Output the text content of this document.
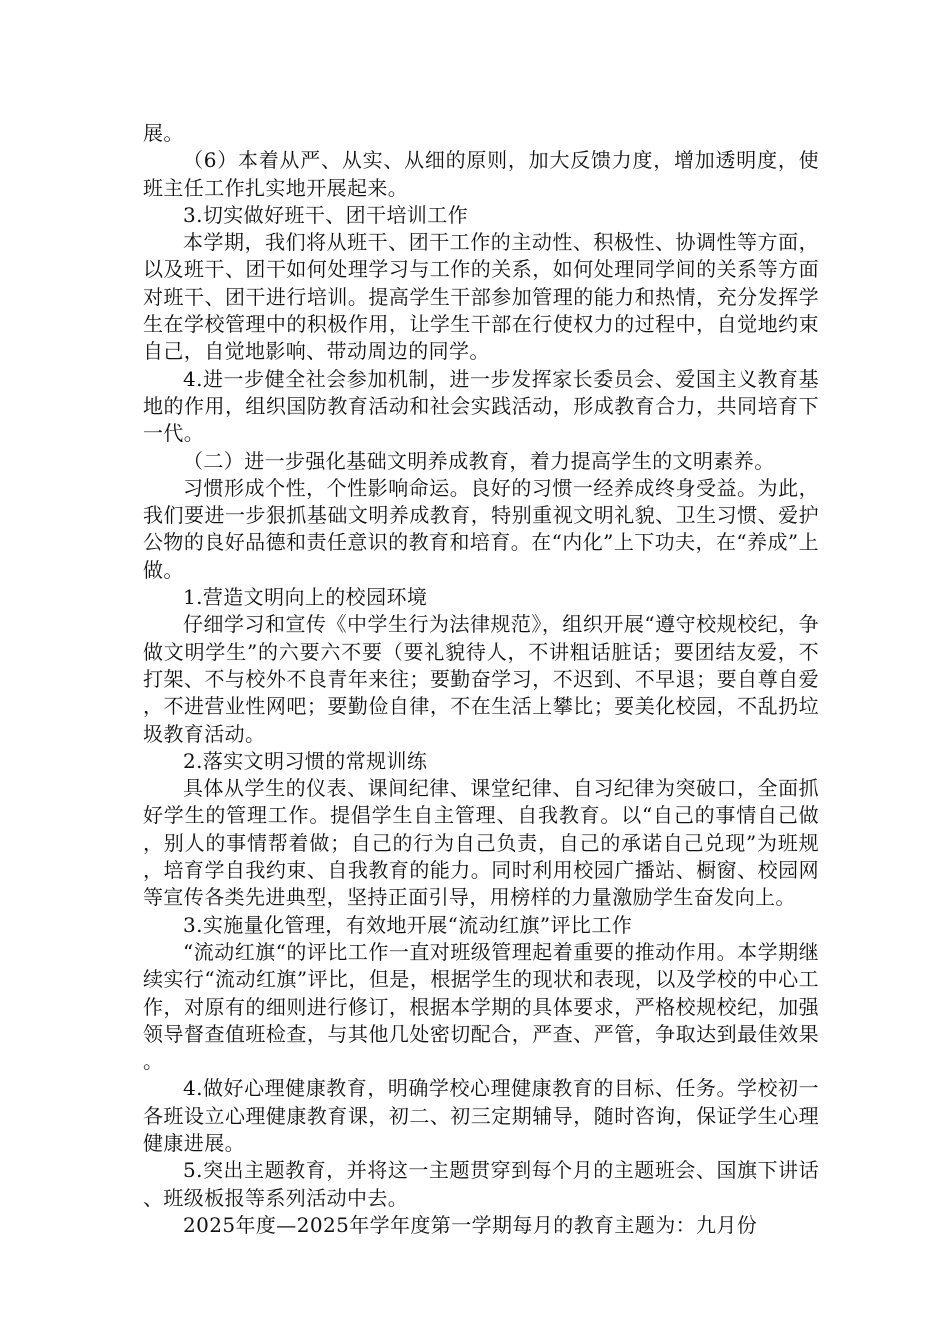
展。

（6）本着从严、从实、从细的原则，加大反馈力度，增加透明度，使班主任工作扎实地开展起来。

3.切实做好班干、团干培训工作

本学期，我们将从班干、团干工作的主动性、积极性、协调性等方面，以及班干、团干如何处理学习与工作的关系，如何处理同学间的关系等方面对班干、团干进行培训。提高学生干部参加管理的能力和热情，充分发挥学生在学校管理中的积极作用，让学生干部在行使权力的过程中，自觉地约束自己，自觉地影响、带动周边的同学。

4.进一步健全社会参加机制，进一步发挥家长委员会、爱国主义教育基地的作用，组织国防教育活动和社会实践活动，形成教育合力，共同培育下一代。

（二）进一步强化基础文明养成教育，着力提高学生的文明素养。

习惯形成个性，个性影响命运。良好的习惯一经养成终身受益。为此，我们要进一步狠抓基础文明养成教育，特别重视文明礼貌、卫生习惯、爱护公物的良好品德和责任意识的教育和培育。在“内化”上下功夫，在“养成”上做。

1.营造文明向上的校园环境

仔细学习和宣传《中学生行为法律规范》，组织开展“遵守校规校纪，争做文明学生”的六要六不要（要礼貌待人，不讲粗话脏话；要团结友爱，不打架、不与校外不良青年来往；要勤奋学习，不迟到、不早退；要自尊自爱，不进营业性网吧；要勤俭自律，不在生活上攀比；要美化校园，不乱扔垃圾教育活动。

2.落实文明习惯的常规训练

具体从学生的仪表、课间纪律、课堂纪律、自习纪律为突破口，全面抓好学生的管理工作。提倡学生自主管理、自我教育。以“自己的事情自己做，别人的事情帮着做；自己的行为自己负责，自己的承诺自己兑现”为班规，培育学自我约束、自我教育的能力。同时利用校园广播站、橱窗、校园网等宣传各类先进典型，坚持正面引导，用榜样的力量激励学生奋发向上。

3.实施量化管理，有效地开展“流动红旗”评比工作

“流动红旗“的评比工作一直对班级管理起着重要的推动作用。本学期继续实行“流动红旗”评比，但是，根据学生的现状和表现，以及学校的中心工作，对原有的细则进行修订，根据本学期的具体要求，严格校规校纪，加强领导督查值班检查，与其他几处密切配合，严查、严管，争取达到最佳效果。

4.做好心理健康教育，明确学校心理健康教育的目标、任务。学校初一各班设立心理健康教育课，初二、初三定期辅导，随时咨询，保证学生心理健康进展。

5.突出主题教育，并将这一主题贯穿到每个月的主题班会、国旗下讲话、班级板报等系列活动中去。

2025年度—2025年学年度第一学期每月的教育主题为：九月份
